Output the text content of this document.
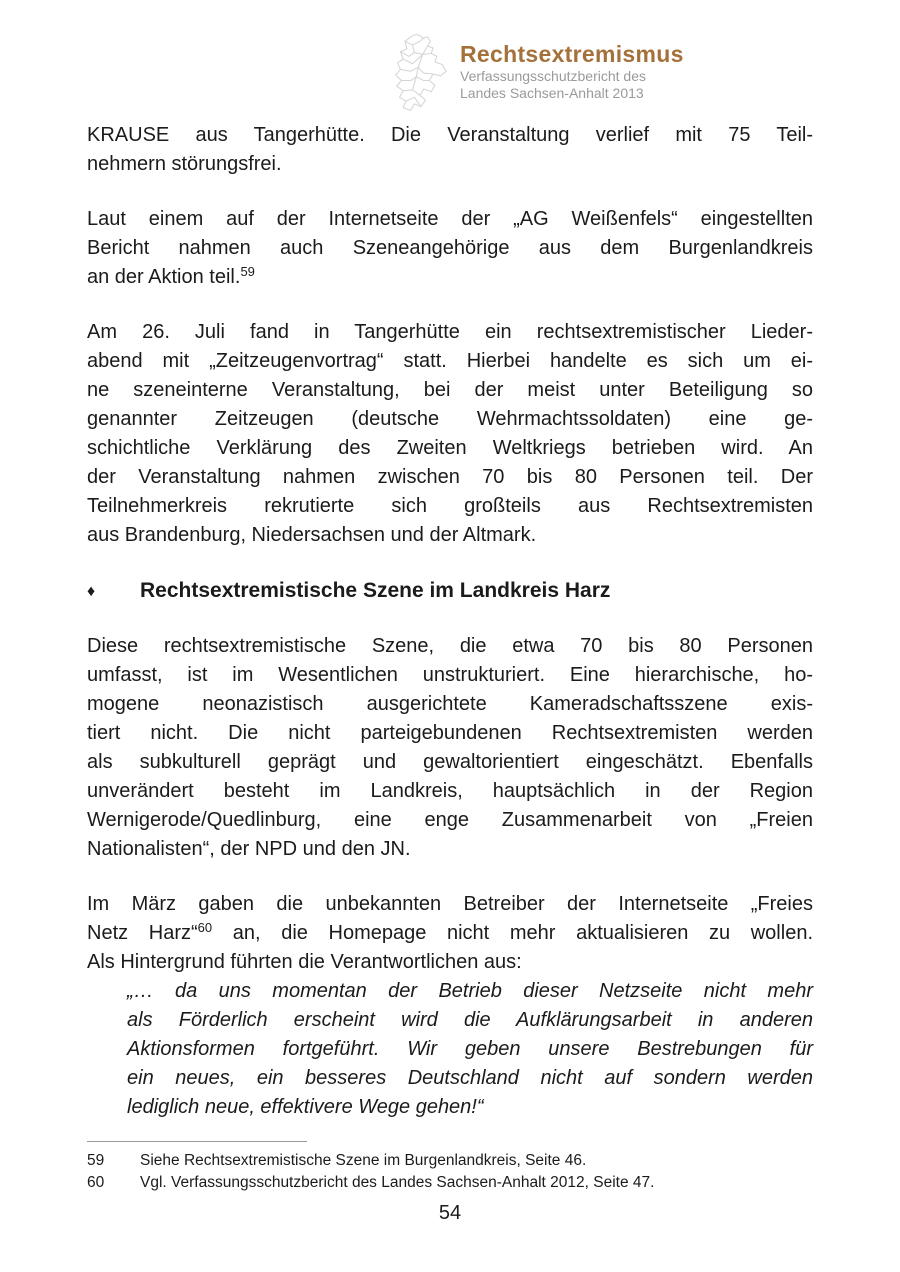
Rechtsextremismus
Verfassungsschutzbericht des
Landes Sachsen-Anhalt 2013
KRAUSE aus Tangerhütte. Die Veranstaltung verlief mit 75 Teil-
nehmern störungsfrei.
Laut einem auf der Internetseite der „AG Weißenfels“ eingestellten
Bericht nahmen auch Szeneangehörige aus dem Burgenlandkreis
an der Aktion teil.$^{59}$
Am 26. Juli fand in Tangerhütte ein rechtsextremistischer Lieder-
abend mit „Zeitzeugenvortrag“ statt. Hierbei handelte es sich um ei-
ne szeneinterne Veranstaltung, bei der meist unter Beteiligung so
genannter Zeitzeugen (deutsche Wehrmachtssoldaten) eine ge-
schichtliche Verklärung des Zweiten Weltkriegs betrieben wird. An
der Veranstaltung nahmen zwischen 70 bis 80 Personen teil. Der
Teilnehmerkreis rekrutierte sich großteils aus Rechtsextremisten
aus Brandenburg, Niedersachsen und der Altmark.
♦	Rechtsextremistische Szene im Landkreis Harz
Diese rechtsextremistische Szene, die etwa 70 bis 80 Personen
umfasst, ist im Wesentlichen unstrukturiert. Eine hierarchische, ho-
mogene neonazistisch ausgerichtete Kameradschaftsszene exis-
tiert nicht. Die nicht parteigebundenen Rechtsextremisten werden
als subkulturell geprägt und gewaltorientiert eingeschätzt. Ebenfalls
unverändert besteht im Landkreis, hauptsächlich in der Region
Wernigerode/Quedlinburg, eine enge Zusammenarbeit von „Freien
Nationalisten“, der NPD und den JN.
Im März gaben die unbekannten Betreiber der Internetseite „Freies
Netz Harz“$^{60}$ an, die Homepage nicht mehr aktualisieren zu wollen.
Als Hintergrund führten die Verantwortlichen aus:
„… da uns momentan der Betrieb dieser Netzseite nicht mehr
als Förderlich erscheint wird die Aufklärungsarbeit in anderen
Aktionsformen fortgeführt. Wir geben unsere Bestrebungen für
ein neues, ein besseres Deutschland nicht auf sondern werden
lediglich neue, effektivere Wege gehen!“
59	Siehe Rechtsextremistische Szene im Burgenlandkreis, Seite 46.
60	Vgl. Verfassungsschutzbericht des Landes Sachsen-Anhalt 2012, Seite 47.
54
